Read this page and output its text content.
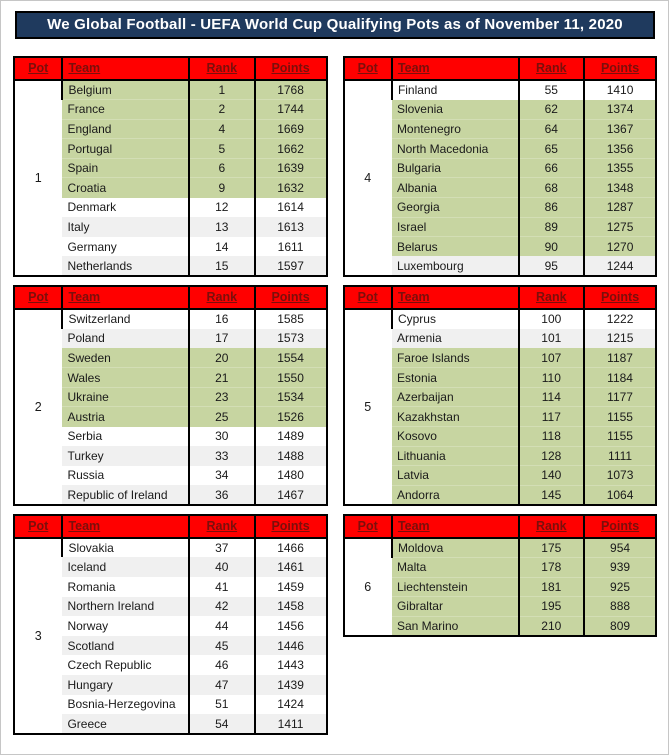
We Global Football - UEFA World Cup Qualifying Pots as of November 11, 2020
Pot	Team	Rank	Points
1	Belgium	1	1768
	France	2	1744
	England	4	1669
	Portugal	5	1662
	Spain	6	1639
	Croatia	9	1632
	Denmark	12	1614
	Italy	13	1613
	Germany	14	1611
	Netherlands	15	1597
Pot	Team	Rank	Points
4	Finland	55	1410
	Slovenia	62	1374
	Montenegro	64	1367
	North Macedonia	65	1356
	Bulgaria	66	1355
	Albania	68	1348
	Georgia	86	1287
	Israel	89	1275
	Belarus	90	1270
	Luxembourg	95	1244
Pot	Team	Rank	Points
2	Switzerland	16	1585
	Poland	17	1573
	Sweden	20	1554
	Wales	21	1550
	Ukraine	23	1534
	Austria	25	1526
	Serbia	30	1489
	Turkey	33	1488
	Russia	34	1480
	Republic of Ireland	36	1467
Pot	Team	Rank	Points
5	Cyprus	100	1222
	Armenia	101	1215
	Faroe Islands	107	1187
	Estonia	110	1184
	Azerbaijan	114	1177
	Kazakhstan	117	1155
	Kosovo	118	1155
	Lithuania	128	1111
	Latvia	140	1073
	Andorra	145	1064
Pot	Team	Rank	Points
3	Slovakia	37	1466
	Iceland	40	1461
	Romania	41	1459
	Northern Ireland	42	1458
	Norway	44	1456
	Scotland	45	1446
	Czech Republic	46	1443
	Hungary	47	1439
	Bosnia-Herzegovina	51	1424
	Greece	54	1411
Pot	Team	Rank	Points
6	Moldova	175	954
	Malta	178	939
	Liechtenstein	181	925
	Gibraltar	195	888
	San Marino	210	809
